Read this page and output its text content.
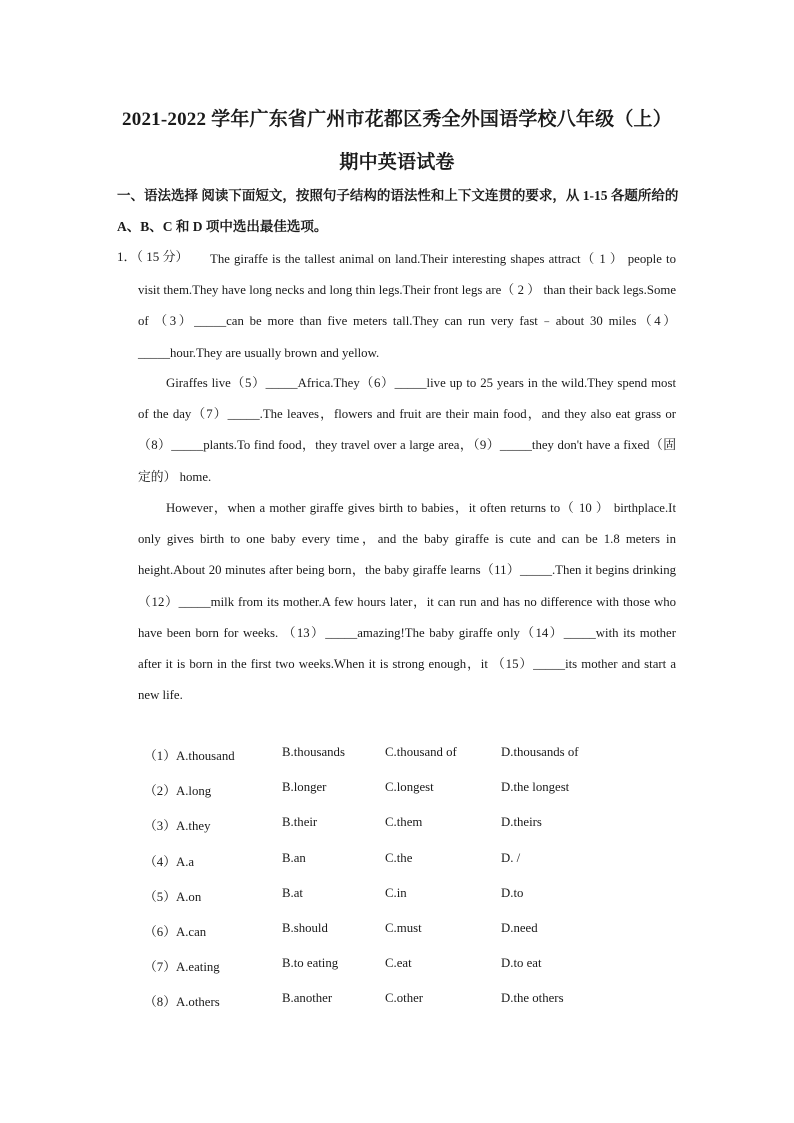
2021-2022 学年广东省广州市花都区秀全外国语学校八年级（上）
期中英语试卷
一、语法选择 阅读下面短文，按照句子结构的语法性和上下文连贯的要求，从 1-15 各题所给的 A、B、C 和 D 项中选出最佳选项。
1．（ 15 分）	The giraffe is the tallest animal on land.Their interesting shapes attract（ 1 ） people to visit them.They have long necks and long thin legs.Their front legs are（ 2 ） than their back legs.Some of （3）_____can be more than five meters tall.They can run very fast﹣about 30 miles（4）_____hour.They are usually brown and yellow.
Giraffes live（5）_____Africa.They（6）_____live up to 25 years in the wild.They spend most of the day（7）_____.The leaves，flowers and fruit are their main food，and they also eat grass or（8）_____plants.To find food，they travel over a large area，（9）_____they don't have a fixed（固定的） home.
However，when a mother giraffe gives birth to babies，it often returns to（ 10 ） birthplace.It only gives birth to one baby every time，and the baby giraffe is cute and can be 1.8 meters in height.About 20 minutes after being born，the baby giraffe learns（11）_____.Then it begins drinking（12）_____milk from its mother.A few hours later，it can run and has no difference with those who have been born for weeks. （13）_____amazing!The baby giraffe only（14）_____with its mother after it is born in the first two weeks.When it is strong enough，it （15）_____its mother and start a new life.
（1）A.thousand	B.thousands	C.thousand of	D.thousands of
（2）A.long	B.longer	C.longest	D.the longest
（3）A.they	B.their	C.them	D.theirs
（4）A.a	B.an	C.the	D. /
（5）A.on	B.at	C.in	D.to
（6）A.can	B.should	C.must	D.need
（7）A.eating	B.to eating	C.eat	D.to eat
（8）A.others	B.another	C.other	D.the others
